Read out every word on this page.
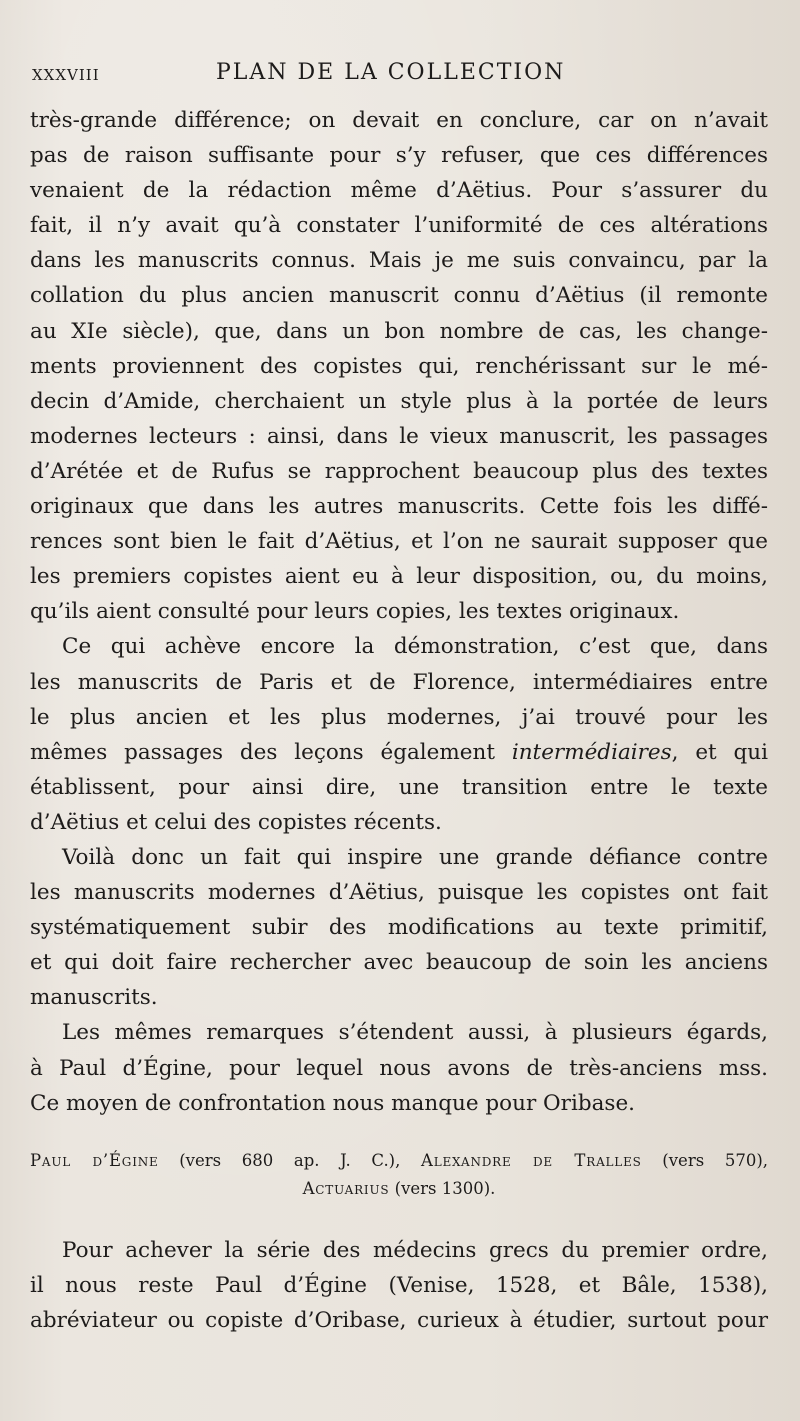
XXXVIII	PLAN DE LA COLLECTION
très-grande différence; on devait en conclure, car on n’avait
pas de raison suffisante pour s’y refuser, que ces différences
venaient de la rédaction même d’Aëtius. Pour s’assurer du
fait, il n’y avait qu’à constater l’uniformité de ces altérations
dans les manuscrits connus. Mais je me suis convaincu, par la
collation du plus ancien manuscrit connu d’Aëtius (il remonte
au XIe siècle), que, dans un bon nombre de cas, les change-
ments proviennent des copistes qui, renchérissant sur le mé-
decin d’Amide, cherchaient un style plus à la portée de leurs
modernes lecteurs : ainsi, dans le vieux manuscrit, les passages
d’Arétée et de Rufus se rapprochent beaucoup plus des textes
originaux que dans les autres manuscrits. Cette fois les diffé-
rences sont bien le fait d’Aëtius, et l’on ne saurait supposer que
les premiers copistes aient eu à leur disposition, ou, du moins,
qu’ils aient consulté pour leurs copies, les textes originaux.
Ce qui achève encore la démonstration, c’est que, dans
les manuscrits de Paris et de Florence, intermédiaires entre
le plus ancien et les plus modernes, j’ai trouvé pour les
mêmes passages des leçons également intermédiaires, et qui
établissent, pour ainsi dire, une transition entre le texte
d’Aëtius et celui des copistes récents.
Voilà donc un fait qui inspire une grande défiance contre
les manuscrits modernes d’Aëtius, puisque les copistes ont fait
systématiquement subir des modifications au texte primitif,
et qui doit faire rechercher avec beaucoup de soin les anciens
manuscrits.
Les mêmes remarques s’étendent aussi, à plusieurs égards,
à Paul d’Égine, pour lequel nous avons de très-anciens mss.
Ce moyen de confrontation nous manque pour Oribase.
Paul d’Égine (vers 680 ap. J. C.), Alexandre de Tralles (vers 570),
Actuarius (vers 1300).
Pour achever la série des médecins grecs du premier ordre,
il nous reste Paul d’Égine (Venise, 1528, et Bâle, 1538),
abréviateur ou copiste d’Oribase, curieux à étudier, surtout pour
